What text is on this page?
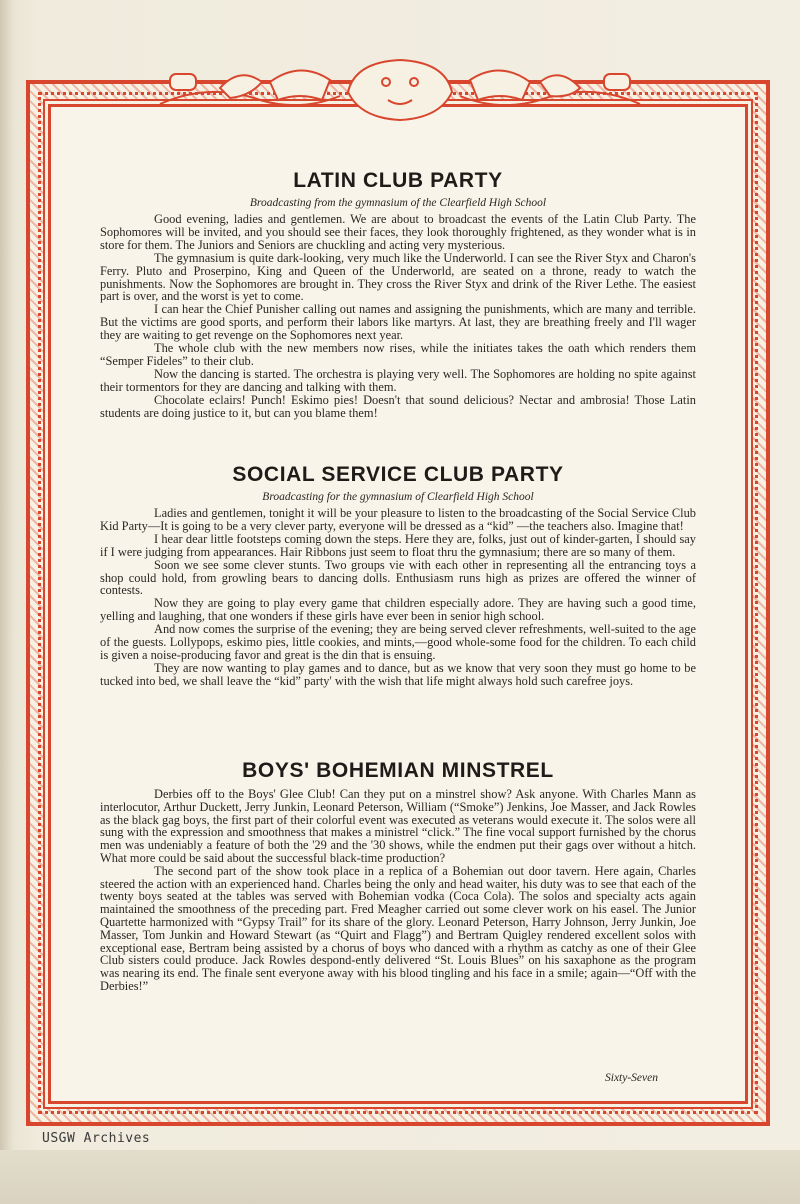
LATIN CLUB PARTY
Broadcasting from the gymnasium of the Clearfield High School

Good evening, ladies and gentlemen. We are about to broadcast the events of the Latin Club Party. The Sophomores will be invited, and you should see their faces, they look thoroughly frightened, as they wonder what is in store for them. The Juniors and Seniors are chuckling and acting very mysterious.

The gymnasium is quite dark-looking, very much like the Underworld. I can see the River Styx and Charon's Ferry. Pluto and Proserpino, King and Queen of the Underworld, are seated on a throne, ready to watch the punishments. Now the Sophomores are brought in. They cross the River Styx and drink of the River Lethe. The easiest part is over, and the worst is yet to come.

I can hear the Chief Punisher calling out names and assigning the punishments, which are many and terrible. But the victims are good sports, and perform their labors like martyrs. At last, they are breathing freely and I'll wager they are waiting to get revenge on the Sophomores next year.

The whole club with the new members now rises, while the initiates takes the oath which renders them “Semper Fideles” to their club.

Now the dancing is started. The orchestra is playing very well. The Sophomores are holding no spite against their tormentors for they are dancing and talking with them.

Chocolate eclairs! Punch! Eskimo pies! Doesn't that sound delicious? Nectar and ambrosia! Those Latin students are doing justice to it, but can you blame them!

SOCIAL SERVICE CLUB PARTY
Broadcasting for the gymnasium of Clearfield High School

Ladies and gentlemen, tonight it will be your pleasure to listen to the broadcasting of the Social Service Club Kid Party—It is going to be a very clever party, everyone will be dressed as a “kid” —the teachers also. Imagine that!

I hear dear little footsteps coming down the steps. Here they are, folks, just out of kinder-garten, I should say if I were judging from appearances. Hair Ribbons just seem to float thru the gymnasium; there are so many of them.

Soon we see some clever stunts. Two groups vie with each other in representing all the entrancing toys a shop could hold, from growling bears to dancing dolls. Enthusiasm runs high as prizes are offered the winner of contests.

Now they are going to play every game that children especially adore. They are having such a good time, yelling and laughing, that one wonders if these girls have ever been in senior high school.

And now comes the surprise of the evening; they are being served clever refreshments, well-suited to the age of the guests. Lollypops, eskimo pies, little cookies, and mints,—good whole-some food for the children. To each child is given a noise-producing favor and great is the din that is ensuing.

They are now wanting to play games and to dance, but as we know that very soon they must go home to be tucked into bed, we shall leave the “kid” party' with the wish that life might always hold such carefree joys.

BOYS' BOHEMIAN MINSTREL

Derbies off to the Boys' Glee Club! Can they put on a minstrel show? Ask anyone. With Charles Mann as interlocutor, Arthur Duckett, Jerry Junkin, Leonard Peterson, William (“Smoke”) Jenkins, Joe Masser, and Jack Rowles as the black gag boys, the first part of their colorful event was executed as veterans would execute it. The solos were all sung with the expression and smoothness that makes a ministrel “click.” The fine vocal support furnished by the chorus men was undeniably a feature of both the '29 and the '30 shows, while the endmen put their gags over without a hitch. What more could be said about the successful black-time production?

The second part of the show took place in a replica of a Bohemian out door tavern. Here again, Charles steered the action with an experienced hand. Charles being the only and head waiter, his duty was to see that each of the twenty boys seated at the tables was served with Bohemian vodka (Coca Cola). The solos and specialty acts again maintained the smoothness of the preceding part. Fred Meagher carried out some clever work on his easel. The Junior Quartette harmonized with “Gypsy Trail” for its share of the glory. Leonard Peterson, Harry Johnson, Jerry Junkin, Joe Masser, Tom Junkin and Howard Stewart (as “Quirt and Flagg”) and Bertram Quigley rendered excellent solos with exceptional ease, Bertram being assisted by a chorus of boys who danced with a rhythm as catchy as one of their Glee Club sisters could produce. Jack Rowles despond-ently delivered “St. Louis Blues” on his saxaphone as the program was nearing its end. The finale sent everyone away with his blood tingling and his face in a smile; again—“Off with the Derbies!”

Sixty-Seven
USGW Archives
